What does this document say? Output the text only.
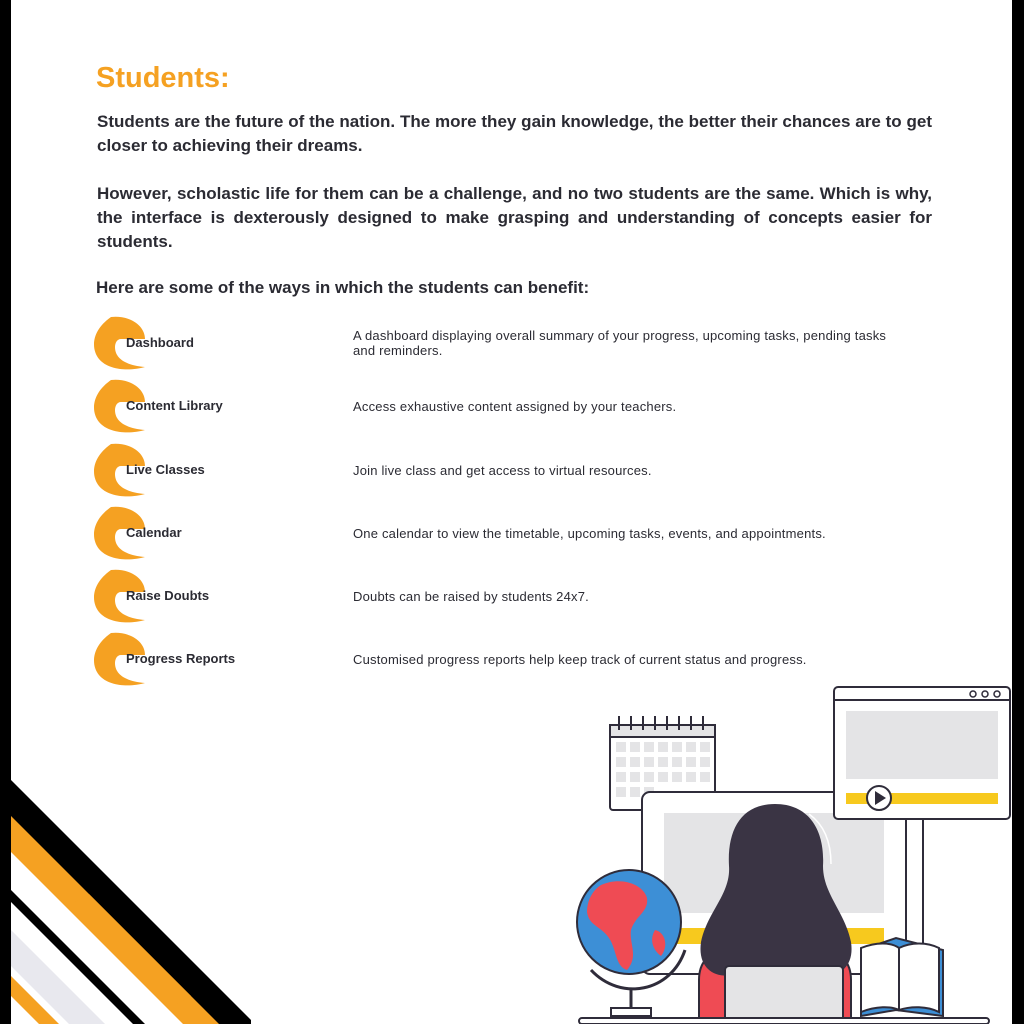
Students:

Students are the future of the nation. The more they gain knowledge, the better their chances are to get closer to achieving their dreams.

However, scholastic life for them can be a challenge, and no two students are the same. Which is why, the interface is dexterously designed to make grasping and understanding of concepts easier for students.

Here are some of the ways in which the students can benefit:

Dashboard	A dashboard displaying overall summary of your progress, upcoming tasks, pending tasks and reminders.
Content Library	Access exhaustive content assigned by your teachers.
Live Classes	Join live class and get access to virtual resources.
Calendar	One calendar to view the timetable, upcoming tasks, events, and appointments.
Raise Doubts	Doubts can be raised by students 24x7.
Progress Reports	Customised progress reports help keep track of current status and progress.
